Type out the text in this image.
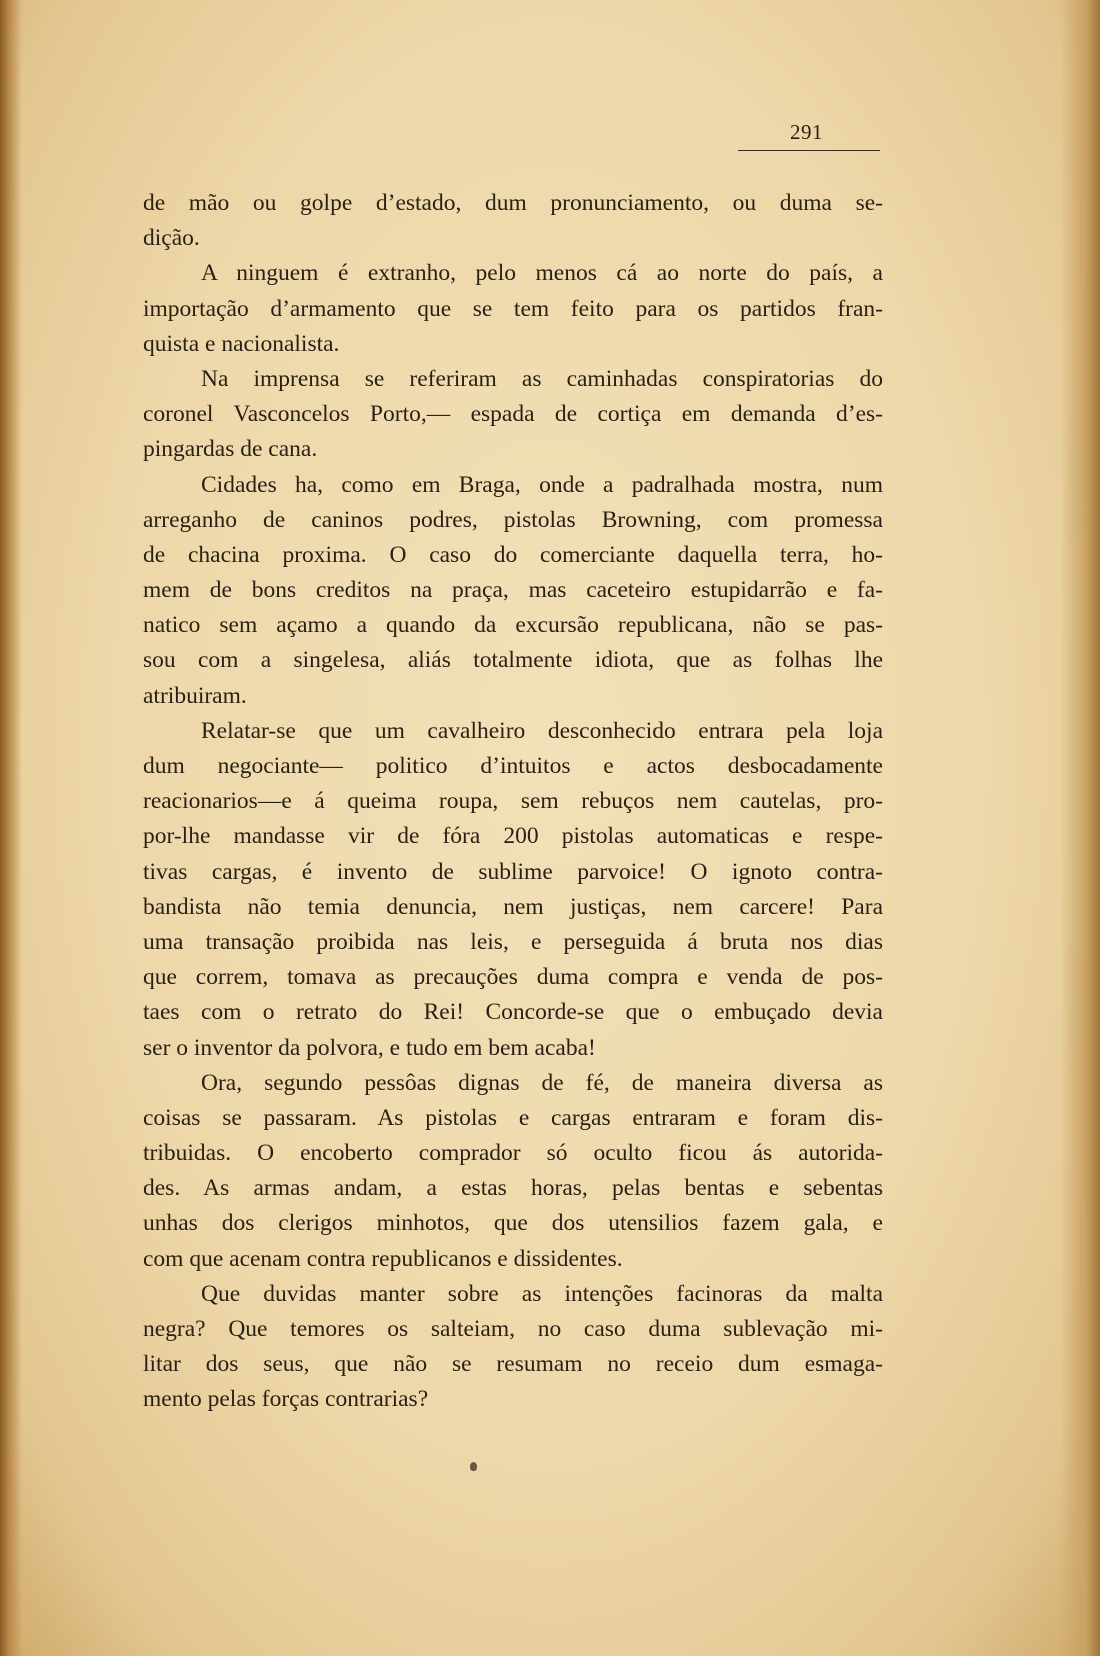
291
de mão ou golpe d’estado, dum pronunciamento, ou duma se-
dição.
A ninguem é extranho, pelo menos cá ao norte do país, a
importação d’armamento que se tem feito para os partidos fran-
quista e nacionalista.
Na imprensa se referiram as caminhadas conspiratorias do
coronel Vasconcelos Porto,— espada de cortiça em demanda d’es-
pingardas de cana.
Cidades ha, como em Braga, onde a padralhada mostra, num
arreganho de caninos podres, pistolas Browning, com promessa
de chacina proxima. O caso do comerciante daquella terra, ho-
mem de bons creditos na praça, mas caceteiro estupidarrão e fa-
natico sem açamo a quando da excursão republicana, não se pas-
sou com a singelesa, aliás totalmente idiota, que as folhas lhe
atribuiram.
Relatar-se que um cavalheiro desconhecido entrara pela loja
dum negociante— politico d’intuitos e actos desbocadamente
reacionarios—e á queima roupa, sem rebuços nem cautelas, pro-
por-lhe mandasse vir de fóra 200 pistolas automaticas e respe-
tivas cargas, é invento de sublime parvoice! O ignoto contra-
bandista não temia denuncia, nem justiças, nem carcere! Para
uma transação proibida nas leis, e perseguida á bruta nos dias
que correm, tomava as precauções duma compra e venda de pos-
taes com o retrato do Rei! Concorde-se que o embuçado devia
ser o inventor da polvora, e tudo em bem acaba!
Ora, segundo pessôas dignas de fé, de maneira diversa as
coisas se passaram. As pistolas e cargas entraram e foram dis-
tribuidas. O encoberto comprador só oculto ficou ás autorida-
des. As armas andam, a estas horas, pelas bentas e sebentas
unhas dos clerigos minhotos, que dos utensilios fazem gala, e
com que acenam contra republicanos e dissidentes.
Que duvidas manter sobre as intenções facinoras da malta
negra? Que temores os salteiam, no caso duma sublevação mi-
litar dos seus, que não se resumam no receio dum esmaga-
mento pelas forças contrarias?
